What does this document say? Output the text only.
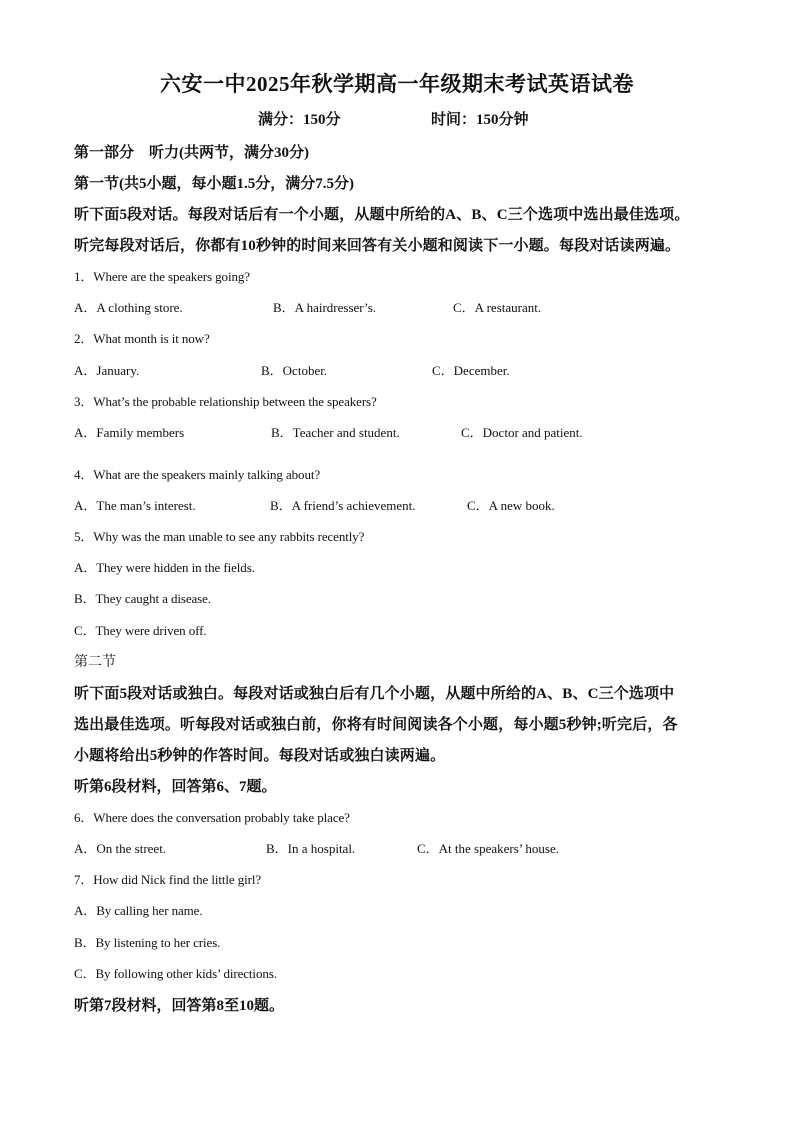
六安一中2025年秋学期高一年级期末考试英语试卷
满分：150分	时间：150分钟
第一部分　听力(共两节，满分30分)
第一节(共5小题，每小题1.5分，满分7.5分)
听下面5段对话。每段对话后有一个小题，从题中所给的A、B、C三个选项中选出最佳选项。
听完每段对话后，你都有10秒钟的时间来回答有关小题和阅读下一小题。每段对话读两遍。
1．Where are the speakers going?
A．A clothing store.	B．A hairdresser’s.	C．A restaurant.
2．What month is it now?
A．January.	B．October.	C．December.
3．What’s the probable relationship between the speakers?
A．Family members	B．Teacher and student.	C．Doctor and patient.
4．What are the speakers mainly talking about?
A．The man’s interest.	B．A friend’s achievement.	C．A new book.
5．Why was the man unable to see any rabbits recently?
A．They were hidden in the fields.
B．They caught a disease.
C．They were driven off.
第二节
听下面5段对话或独白。每段对话或独白后有几个小题，从题中所给的A、B、C三个选项中
选出最佳选项。听每段对话或独白前，你将有时间阅读各个小题，每小题5秒钟;听完后，各
小题将给出5秒钟的作答时间。每段对话或独白读两遍。
听第6段材料，回答第6、7题。
6．Where does the conversation probably take place?
A．On the street.	B．In a hospital.	C．At the speakers’ house.
7．How did Nick find the little girl?
A．By calling her name.
B．By listening to her cries.
C．By following other kids’ directions.
听第7段材料，回答第8至10题。
